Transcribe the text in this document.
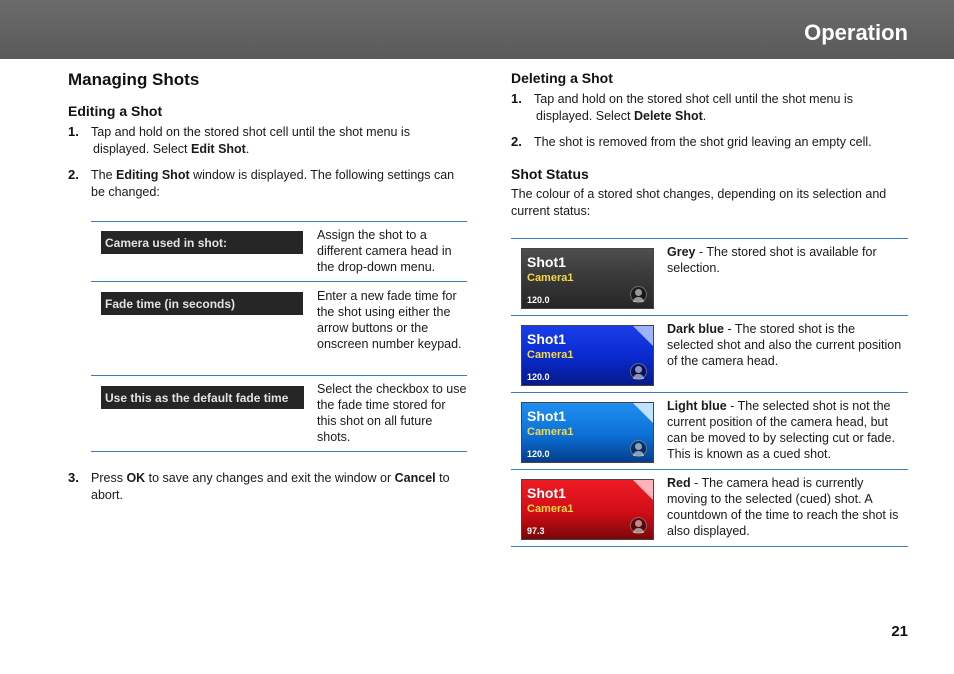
Operation
Managing Shots
Editing a Shot
1. Tap and hold on the stored shot cell until the shot menu is
displayed. Select Edit Shot.
2. The Editing Shot window is displayed. The following settings can
be changed:
Camera used in shot:
Assign the shot to a different camera head in the drop-down menu.
Fade time (in seconds)
Enter a new fade time for the shot using either the arrow buttons or the onscreen number keypad.
Use this as the default fade time
Select the checkbox to use the fade time stored for this shot on all future shots.
3. Press OK to save any changes and exit the window or Cancel to
abort.
Deleting a Shot
1. Tap and hold on the stored shot cell until the shot menu is
displayed. Select Delete Shot.
2. The shot is removed from the shot grid leaving an empty cell.
Shot Status
The colour of a stored shot changes, depending on its selection and
current status:
Shot1
Camera1
120.0
Grey - The stored shot is available for selection.
Shot1
Camera1
120.0
Dark blue - The stored shot is the selected shot and also the current position of the camera head.
Shot1
Camera1
120.0
Light blue - The selected shot is not the current position of the camera head, but can be moved to by selecting cut or fade. This is known as a cued shot.
Shot1
Camera1
97.3
Red - The camera head is currently moving to the selected (cued) shot. A countdown of the time to reach the shot is also displayed.
21
